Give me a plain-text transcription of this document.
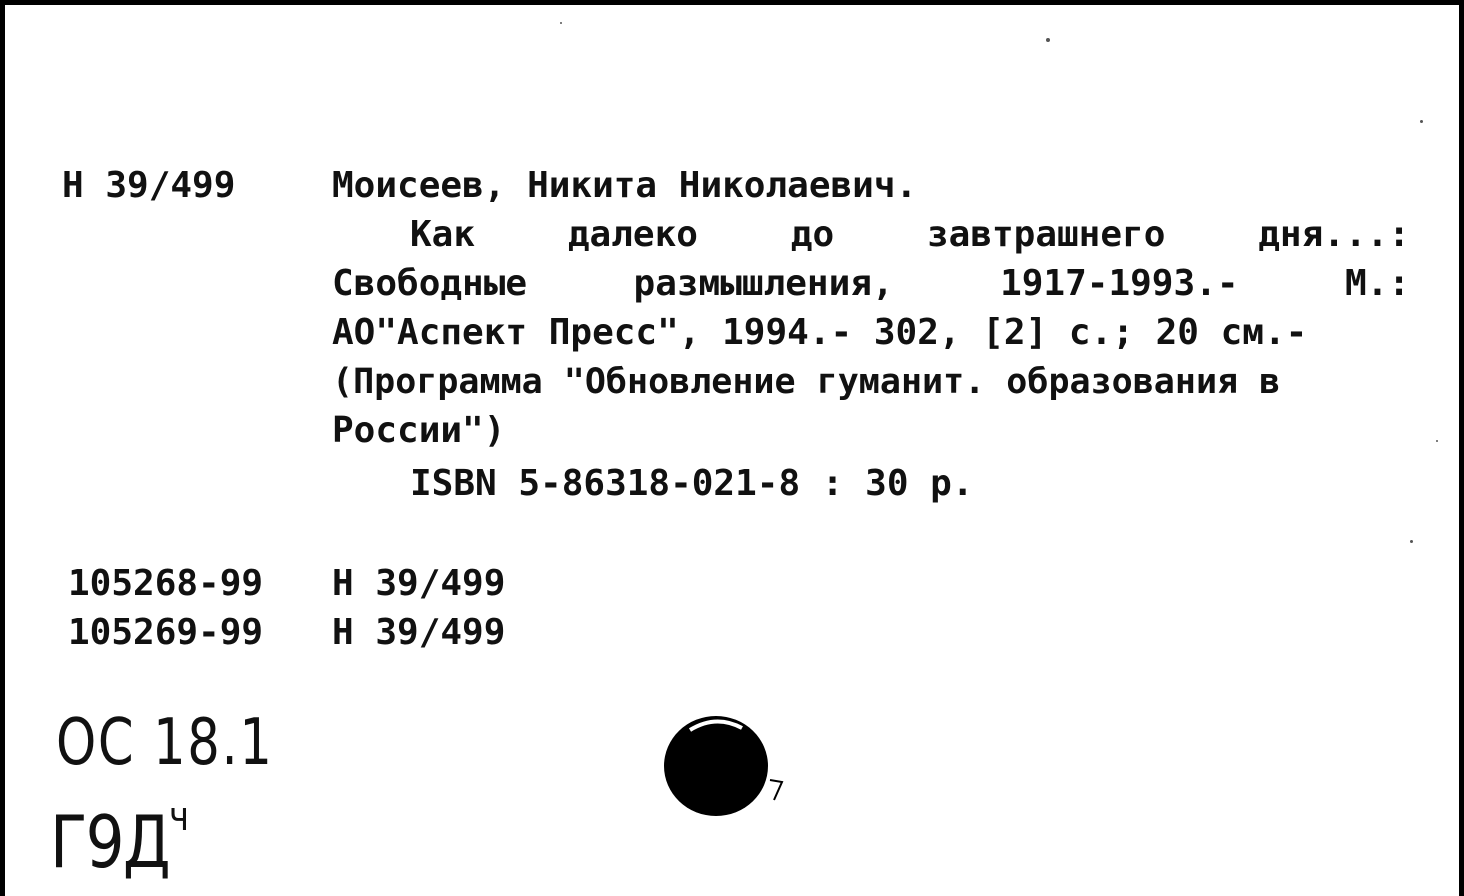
Н 39/499	Моисеев, Никита Николаевич.
Как	далеко	до	завтрашнего	дня...:
Свободные	размышления,	1917-1993.-	М.:
АО"Аспект Пресс", 1994.- 302, [2] с.; 20 см.-
(Программа "Обновление гуманит. образования в
России")
ISBN 5-86318-021-8 : 30 р.
105268-99 Н 39/499
105269-99 Н 39/499
ОС 18.1
$Г9Д^ч$
